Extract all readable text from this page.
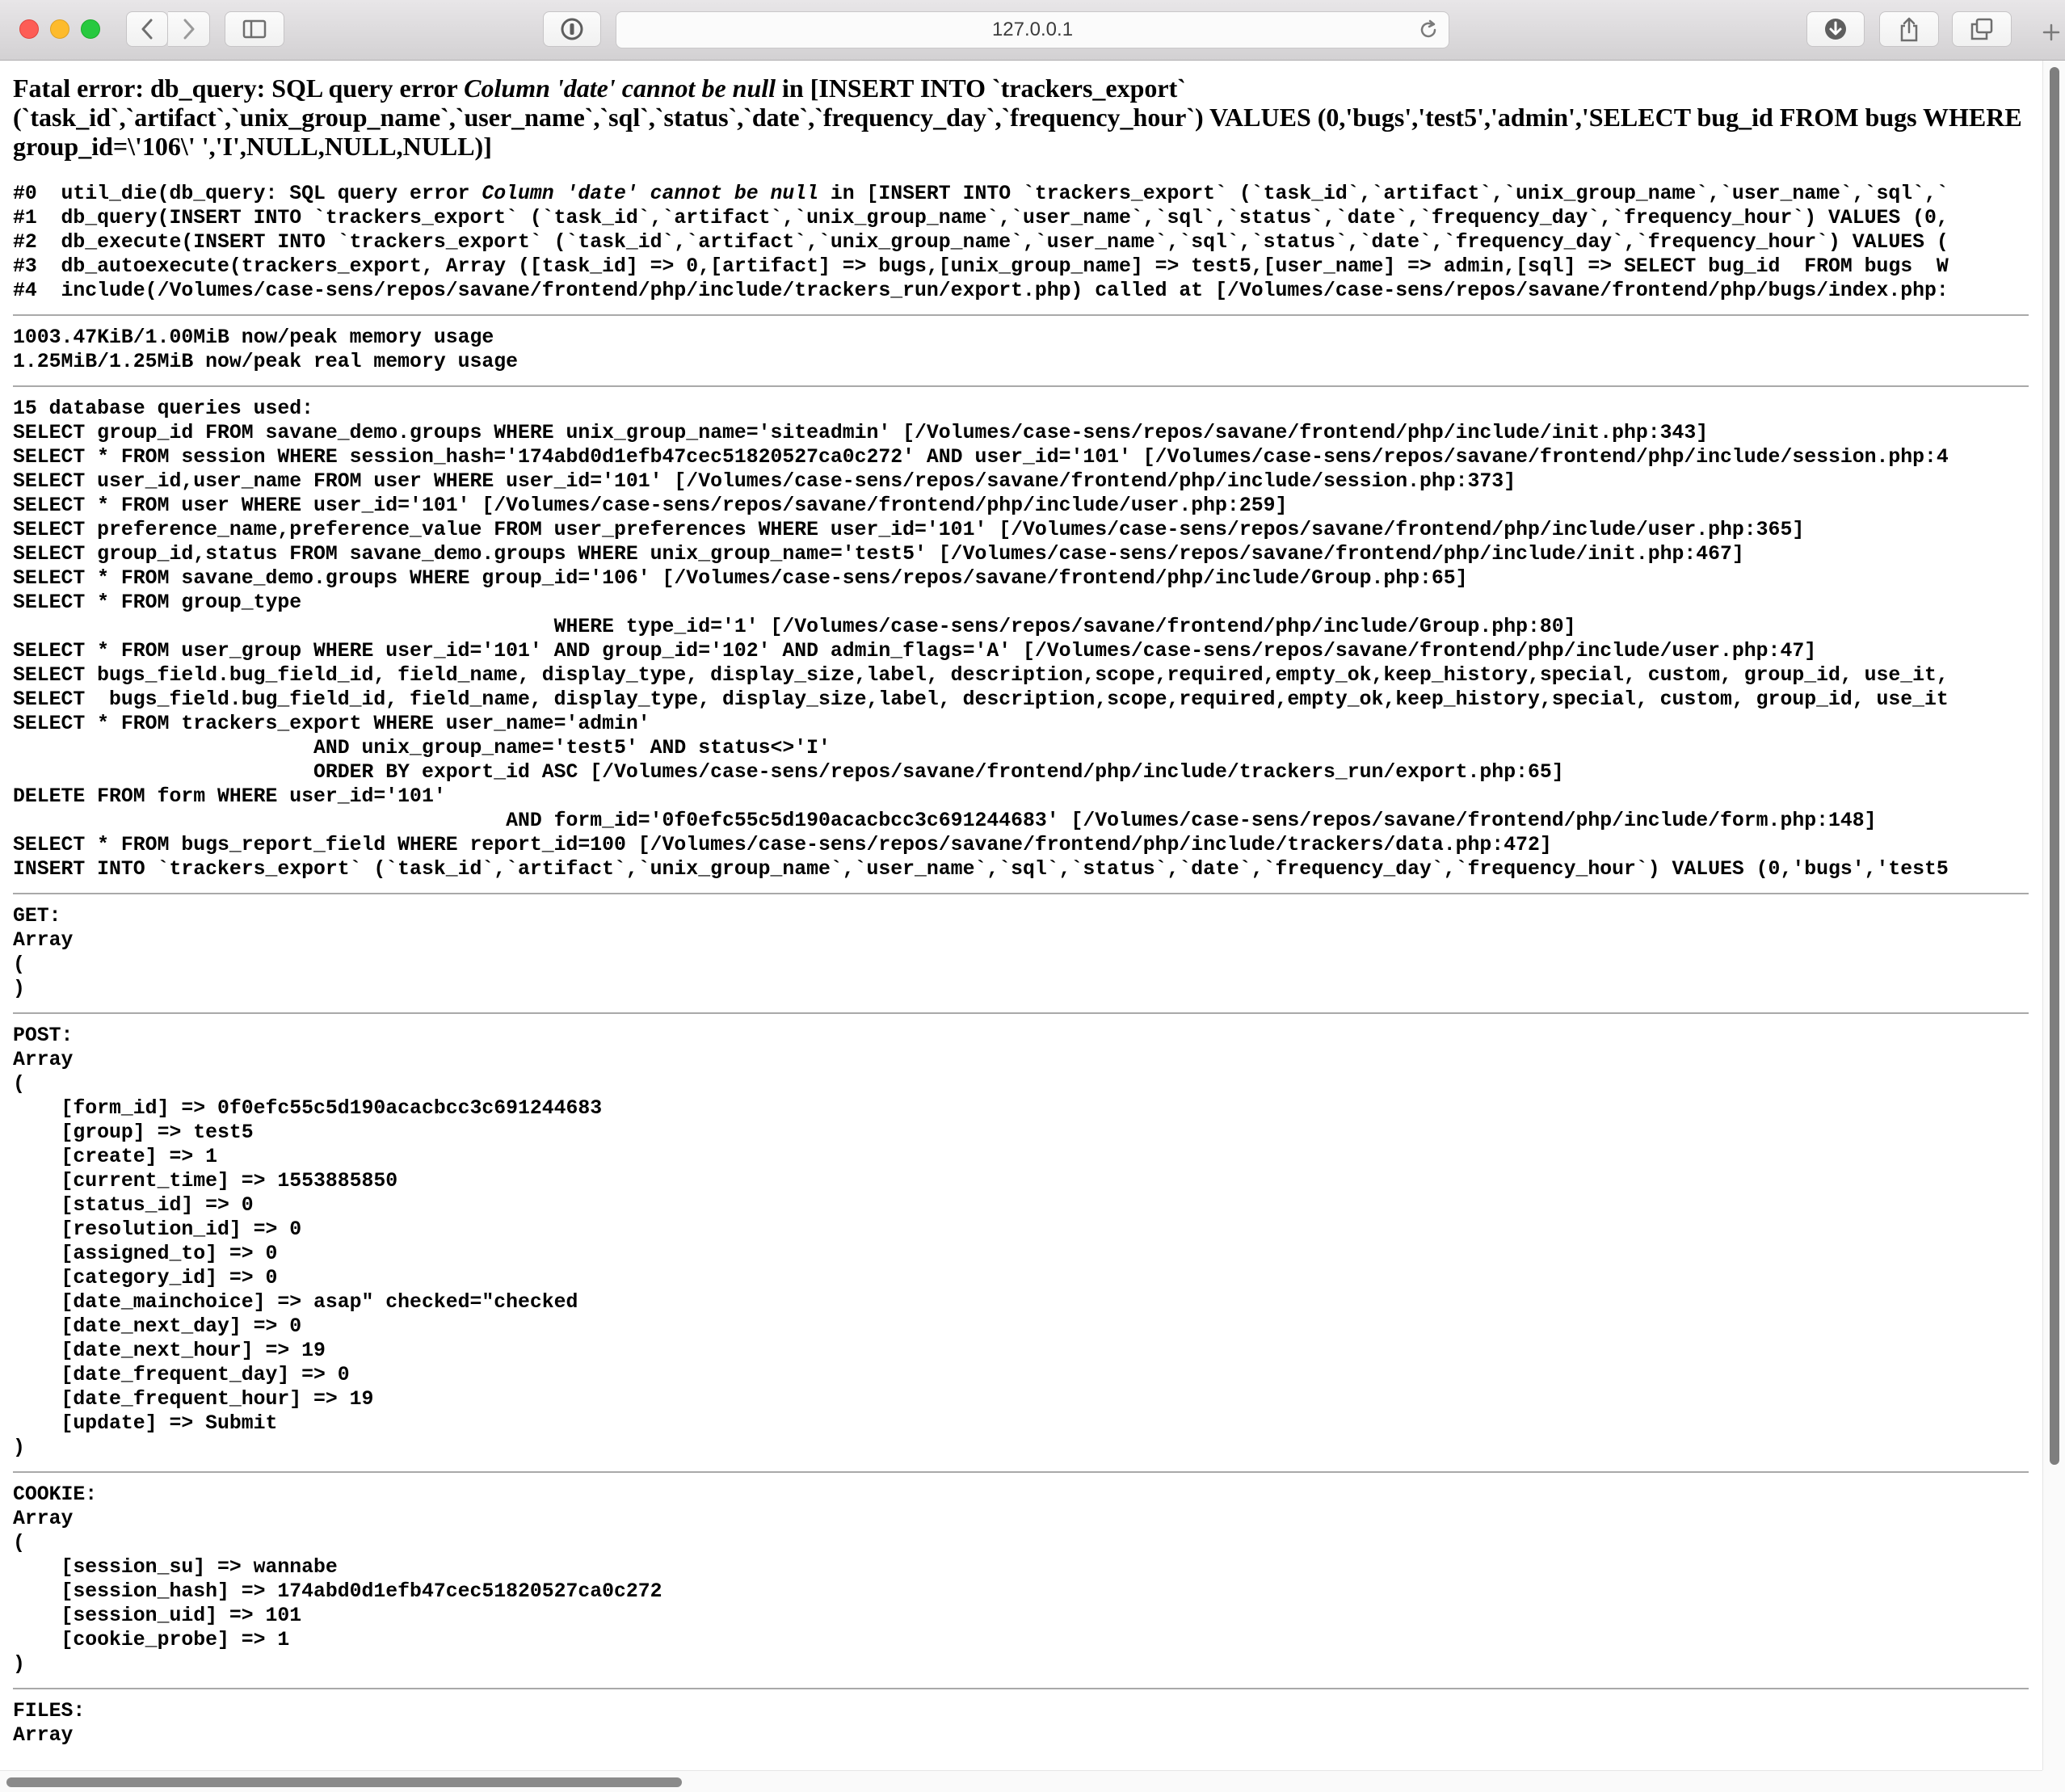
127.0.0.1

Fatal error: db_query: SQL query error Column 'date' cannot be null in [INSERT INTO `trackers_export`
(`task_id`,`artifact`,`unix_group_name`,`user_name`,`sql`,`status`,`date`,`frequency_day`,`frequency_hour`) VALUES (0,'bugs','test5','admin','SELECT bug_id FROM bugs WHERE
group_id=\'106\' ','I',NULL,NULL,NULL)]

#0  util_die(db_query: SQL query error Column 'date' cannot be null in [INSERT INTO `trackers_export` (`task_id`,`artifact`,`unix_group_name`,`user_name`,`sql`,`
#1  db_query(INSERT INTO `trackers_export` (`task_id`,`artifact`,`unix_group_name`,`user_name`,`sql`,`status`,`date`,`frequency_day`,`frequency_hour`) VALUES (0,
#2  db_execute(INSERT INTO `trackers_export` (`task_id`,`artifact`,`unix_group_name`,`user_name`,`sql`,`status`,`date`,`frequency_day`,`frequency_hour`) VALUES (
#3  db_autoexecute(trackers_export, Array ([task_id] => 0,[artifact] => bugs,[unix_group_name] => test5,[user_name] => admin,[sql] => SELECT bug_id  FROM bugs  W
#4  include(/Volumes/case-sens/repos/savane/frontend/php/include/trackers_run/export.php) called at [/Volumes/case-sens/repos/savane/frontend/php/bugs/index.php:
1003.47KiB/1.00MiB now/peak memory usage
1.25MiB/1.25MiB now/peak real memory usage
15 database queries used:
SELECT group_id FROM savane_demo.groups WHERE unix_group_name='siteadmin' [/Volumes/case-sens/repos/savane/frontend/php/include/init.php:343]
SELECT * FROM session WHERE session_hash='174abd0d1efb47cec51820527ca0c272' AND user_id='101' [/Volumes/case-sens/repos/savane/frontend/php/include/session.php:4
SELECT user_id,user_name FROM user WHERE user_id='101' [/Volumes/case-sens/repos/savane/frontend/php/include/session.php:373]
SELECT * FROM user WHERE user_id='101' [/Volumes/case-sens/repos/savane/frontend/php/include/user.php:259]
SELECT preference_name,preference_value FROM user_preferences WHERE user_id='101' [/Volumes/case-sens/repos/savane/frontend/php/include/user.php:365]
SELECT group_id,status FROM savane_demo.groups WHERE unix_group_name='test5' [/Volumes/case-sens/repos/savane/frontend/php/include/init.php:467]
SELECT * FROM savane_demo.groups WHERE group_id='106' [/Volumes/case-sens/repos/savane/frontend/php/include/Group.php:65]
SELECT * FROM group_type
WHERE type_id='1' [/Volumes/case-sens/repos/savane/frontend/php/include/Group.php:80]
SELECT * FROM user_group WHERE user_id='101' AND group_id='102' AND admin_flags='A' [/Volumes/case-sens/repos/savane/frontend/php/include/user.php:47]
SELECT bugs_field.bug_field_id, field_name, display_type, display_size,label, description,scope,required,empty_ok,keep_history,special, custom, group_id, use_it,
SELECT  bugs_field.bug_field_id, field_name, display_type, display_size,label, description,scope,required,empty_ok,keep_history,special, custom, group_id, use_it
SELECT * FROM trackers_export WHERE user_name='admin'
AND unix_group_name='test5' AND status<>'I'
ORDER BY export_id ASC [/Volumes/case-sens/repos/savane/frontend/php/include/trackers_run/export.php:65]
DELETE FROM form WHERE user_id='101'
AND form_id='0f0efc55c5d190acacbcc3c691244683' [/Volumes/case-sens/repos/savane/frontend/php/include/form.php:148]
SELECT * FROM bugs_report_field WHERE report_id=100 [/Volumes/case-sens/repos/savane/frontend/php/include/trackers/data.php:472]
INSERT INTO `trackers_export` (`task_id`,`artifact`,`unix_group_name`,`user_name`,`sql`,`status`,`date`,`frequency_day`,`frequency_hour`) VALUES (0,'bugs','test5
GET:
Array
(
)
POST:
Array
(
[form_id] => 0f0efc55c5d190acacbcc3c691244683
[group] => test5
[create] => 1
[current_time] => 1553885850
[status_id] => 0
[resolution_id] => 0
[assigned_to] => 0
[category_id] => 0
[date_mainchoice] => asap" checked="checked
[date_next_day] => 0
[date_next_hour] => 19
[date_frequent_day] => 0
[date_frequent_hour] => 19
[update] => Submit
)
COOKIE:
Array
(
[session_su] => wannabe
[session_hash] => 174abd0d1efb47cec51820527ca0c272
[session_uid] => 101
[cookie_probe] => 1
)
FILES:
Array
